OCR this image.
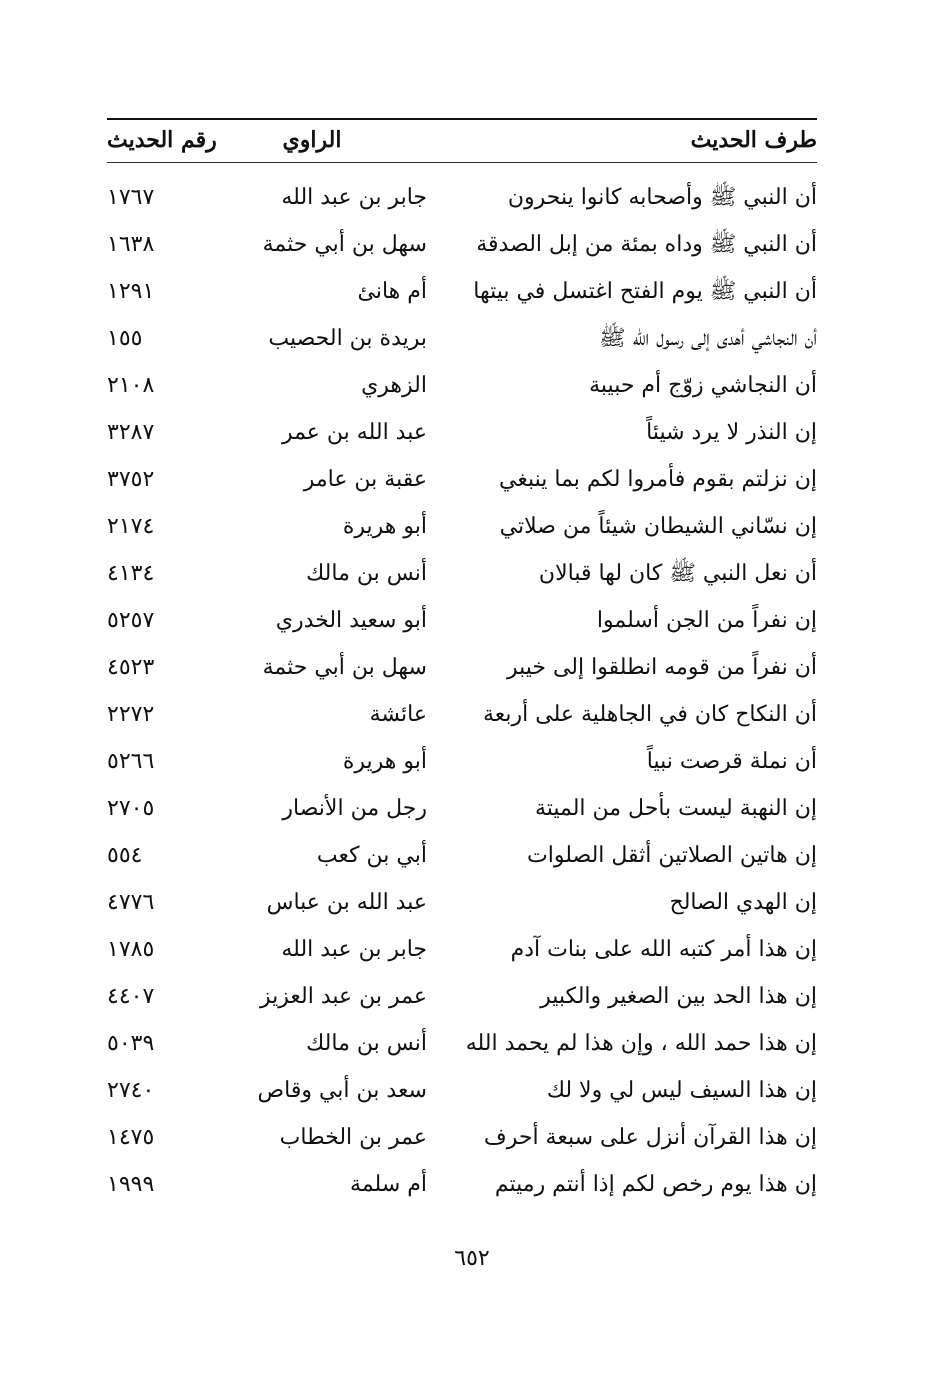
طرف الحديث
الراوي
رقم الحديث
أن النبي ﷺ وأصحابه كانوا ينحرون
جابر بن عبد الله
١٧٦٧
أن النبي ﷺ وداه بمئة من إبل الصدقة
سهل بن أبي حثمة
١٦٣٨
أن النبي ﷺ يوم الفتح اغتسل في بيتها
أم هانئ
١٢٩١
أن النجاشي أهدى إلى رسول الله ﷺ
بريدة بن الحصيب
١٥٥
أن النجاشي زوّج أم حبيبة
الزهري
٢١٠٨
إن النذر لا يرد شيئاً
عبد الله بن عمر
٣٢٨٧
إن نزلتم بقوم فأمروا لكم بما ينبغي
عقبة بن عامر
٣٧٥٢
إن نسّاني الشيطان شيئاً من صلاتي
أبو هريرة
٢١٧٤
أن نعل النبي ﷺ كان لها قبالان
أنس بن مالك
٤١٣٤
إن نفراً من الجن أسلموا
أبو سعيد الخدري
٥٢٥٧
أن نفراً من قومه انطلقوا إلى خيبر
سهل بن أبي حثمة
٤٥٢٣
أن النكاح كان في الجاهلية على أربعة
عائشة
٢٢٧٢
أن نملة قرصت نبياً
أبو هريرة
٥٢٦٦
إن النهبة ليست بأحل من الميتة
رجل من الأنصار
٢٧٠٥
إن هاتين الصلاتين أثقل الصلوات
أبي بن كعب
٥٥٤
إن الهدي الصالح
عبد الله بن عباس
٤٧٧٦
إن هذا أمر كتبه الله على بنات آدم
جابر بن عبد الله
١٧٨٥
إن هذا الحد بين الصغير والكبير
عمر بن عبد العزيز
٤٤٠٧
إن هذا حمد الله ، وإن هذا لم يحمد الله
أنس بن مالك
٥٠٣٩
إن هذا السيف ليس لي ولا لك
سعد بن أبي وقاص
٢٧٤٠
إن هذا القرآن أنزل على سبعة أحرف
عمر بن الخطاب
١٤٧٥
إن هذا يوم رخص لكم إذا أنتم رميتم
أم سلمة
١٩٩٩
٦٥٢
